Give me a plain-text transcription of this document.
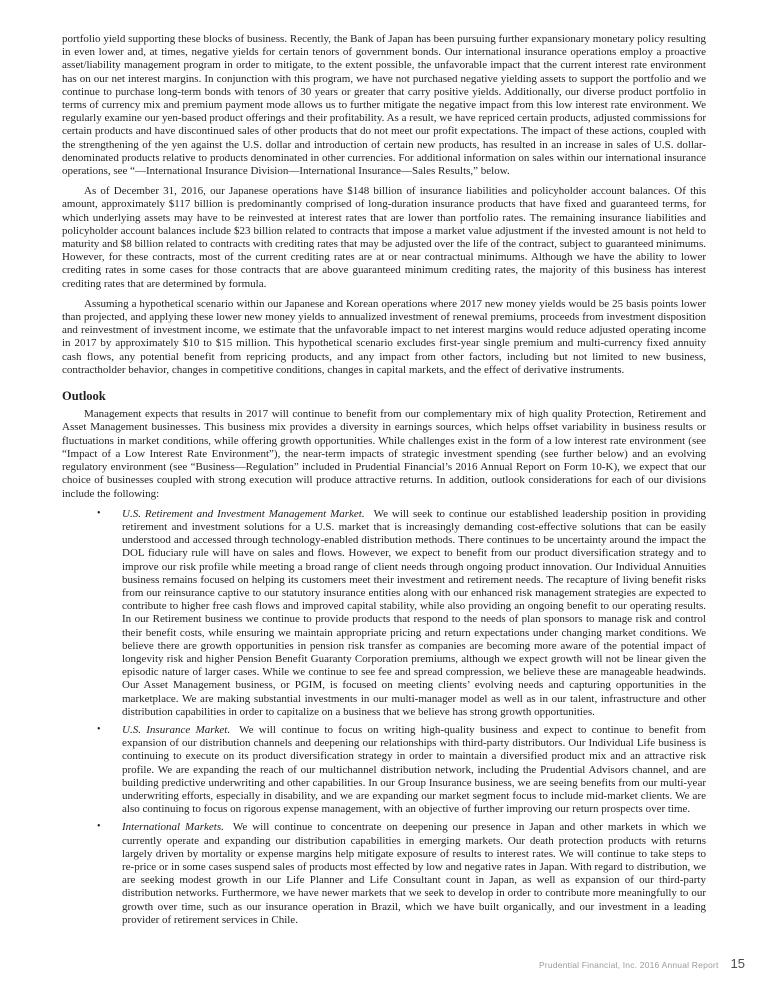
portfolio yield supporting these blocks of business. Recently, the Bank of Japan has been pursuing further expansionary monetary policy resulting in even lower and, at times, negative yields for certain tenors of government bonds. Our international insurance operations employ a proactive asset/liability management program in order to mitigate, to the extent possible, the unfavorable impact that the current interest rate environment has on our net interest margins. In conjunction with this program, we have not purchased negative yielding assets to support the portfolio and we continue to purchase long-term bonds with tenors of 30 years or greater that carry positive yields. Additionally, our diverse product portfolio in terms of currency mix and premium payment mode allows us to further mitigate the negative impact from this low interest rate environment. We regularly examine our yen-based product offerings and their profitability. As a result, we have repriced certain products, adjusted commissions for certain products and have discontinued sales of other products that do not meet our profit expectations. The impact of these actions, coupled with the strengthening of the yen against the U.S. dollar and introduction of certain new products, has resulted in an increase in sales of U.S. dollar-denominated products relative to products denominated in other currencies. For additional information on sales within our international insurance operations, see “—International Insurance Division—International Insurance—Sales Results,” below.

As of December 31, 2016, our Japanese operations have $148 billion of insurance liabilities and policyholder account balances. Of this amount, approximately $117 billion is predominantly comprised of long-duration insurance products that have fixed and guaranteed terms, for which underlying assets may have to be reinvested at interest rates that are lower than portfolio rates. The remaining insurance liabilities and policyholder account balances include $23 billion related to contracts that impose a market value adjustment if the invested amount is not held to maturity and $8 billion related to contracts with crediting rates that may be adjusted over the life of the contract, subject to guaranteed minimums. However, for these contracts, most of the current crediting rates are at or near contractual minimums. Although we have the ability to lower crediting rates in some cases for those contracts that are above guaranteed minimum crediting rates, the majority of this business has interest crediting rates that are determined by formula.

Assuming a hypothetical scenario within our Japanese and Korean operations where 2017 new money yields would be 25 basis points lower than projected, and applying these lower new money yields to annualized investment of renewal premiums, proceeds from investment disposition and reinvestment of investment income, we estimate that the unfavorable impact to net interest margins would reduce adjusted operating income in 2017 by approximately $10 to $15 million. This hypothetical scenario excludes first-year single premium and multi-currency fixed annuity cash flows, any potential benefit from repricing products, and any impact from other factors, including but not limited to new business, contractholder behavior, changes in competitive conditions, changes in capital markets, and the effect of derivative instruments.

Outlook

Management expects that results in 2017 will continue to benefit from our complementary mix of high quality Protection, Retirement and Asset Management businesses. This business mix provides a diversity in earnings sources, which helps offset variability in business results or fluctuations in market conditions, while offering growth opportunities. While challenges exist in the form of a low interest rate environment (see “Impact of a Low Interest Rate Environment”), the near-term impacts of strategic investment spending (see further below) and an evolving regulatory environment (see “Business—Regulation” included in Prudential Financial’s 2016 Annual Report on Form 10-K), we expect that our choice of businesses coupled with strong execution will produce attractive returns. In addition, outlook considerations for each of our divisions include the following:

• U.S. Retirement and Investment Management Market. We will seek to continue our established leadership position in providing retirement and investment solutions for a U.S. market that is increasingly demanding cost-effective solutions that can be easily understood and accessed through technology-enabled distribution methods. There continues to be uncertainty around the impact the DOL fiduciary rule will have on sales and flows. However, we expect to benefit from our product diversification strategy and to improve our risk profile while meeting a broad range of client needs through ongoing product innovation. Our Individual Annuities business remains focused on helping its customers meet their investment and retirement needs. The recapture of living benefit risks from our reinsurance captive to our statutory insurance entities along with our enhanced risk management strategies are expected to contribute to higher free cash flows and improved capital stability, while also providing an ongoing benefit to our operating results. In our Retirement business we continue to provide products that respond to the needs of plan sponsors to manage risk and control their benefit costs, while ensuring we maintain appropriate pricing and return expectations under changing market conditions. We believe there are growth opportunities in pension risk transfer as companies are becoming more aware of the potential impact of longevity risk and higher Pension Benefit Guaranty Corporation premiums, although we expect growth will not be linear given the episodic nature of larger cases. While we continue to see fee and spread compression, we believe these are manageable headwinds. Our Asset Management business, or PGIM, is focused on meeting clients’ evolving needs and capturing opportunities in the marketplace. We are making substantial investments in our multi-manager model as well as in our talent, infrastructure and other distribution capabilities in order to capitalize on a business that we believe has strong growth opportunities.
• U.S. Insurance Market. We will continue to focus on writing high-quality business and expect to continue to benefit from expansion of our distribution channels and deepening our relationships with third-party distributors. Our Individual Life business is continuing to execute on its product diversification strategy in order to maintain a diversified product mix and an attractive risk profile. We are expanding the reach of our multichannel distribution network, including the Prudential Advisors channel, and are building predictive underwriting and other capabilities. In our Group Insurance business, we are seeing benefits from our multi-year underwriting efforts, especially in disability, and we are expanding our market segment focus to include mid-market clients. We are also continuing to focus on rigorous expense management, with an objective of further improving our return prospects over time.
• International Markets. We will continue to concentrate on deepening our presence in Japan and other markets in which we currently operate and expanding our distribution capabilities in emerging markets. Our death protection products with returns largely driven by mortality or expense margins help mitigate exposure of results to interest rates. We will continue to take steps to re-price or in some cases suspend sales of products most effected by low and negative rates in Japan. With regard to distribution, we are seeking modest growth in our Life Planner and Life Consultant count in Japan, as well as expansion of our third-party distribution networks. Furthermore, we have newer markets that we seek to develop in order to contribute more meaningfully to our growth over time, such as our insurance operation in Brazil, which we have built organically, and our investment in a leading provider of retirement services in Chile.
Prudential Financial, Inc. 2016 Annual Report 15
